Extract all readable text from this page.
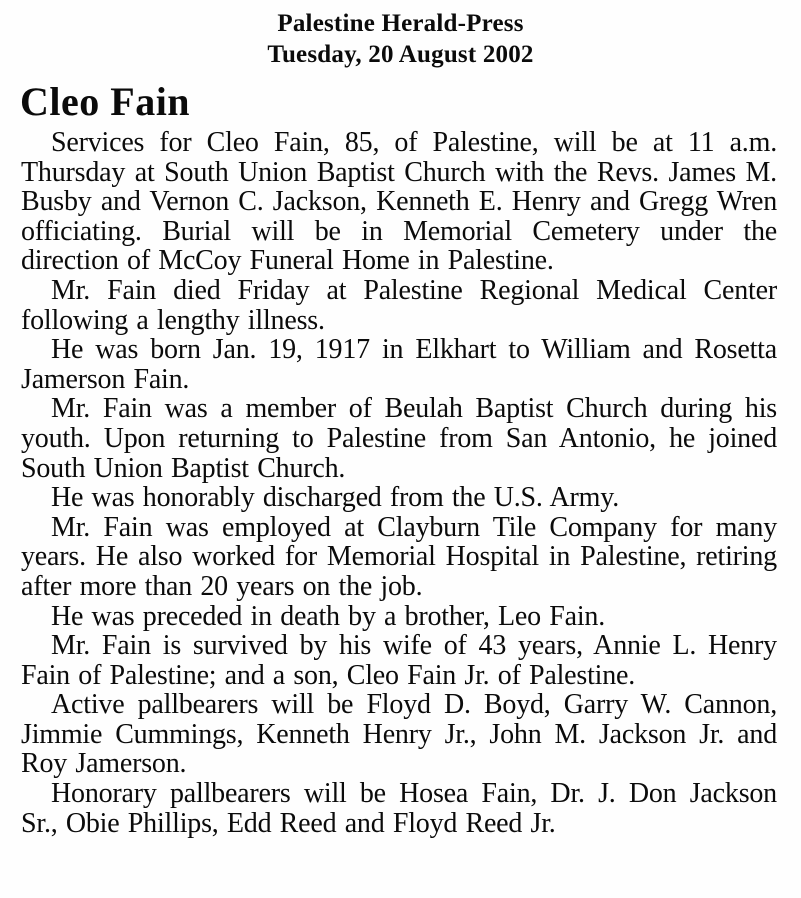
Palestine Herald-Press
Tuesday, 20 August 2002
Cleo Fain

Services for Cleo Fain, 85, of Palestine, will be at 11 a.m. Thursday at South Union Baptist Church with the Revs. James M. Busby and Vernon C. Jackson, Kenneth E. Henry and Gregg Wren officiating. Burial will be in Memorial Cemetery under the direction of McCoy Funeral Home in Palestine.

Mr. Fain died Friday at Palestine Regional Medical Center following a lengthy illness.

He was born Jan. 19, 1917 in Elkhart to William and Rosetta Jamerson Fain.

Mr. Fain was a member of Beulah Baptist Church during his youth. Upon returning to Palestine from San Antonio, he joined South Union Baptist Church.

He was honorably discharged from the U.S. Army.

Mr. Fain was employed at Clayburn Tile Company for many years. He also worked for Memorial Hospital in Palestine, retiring after more than 20 years on the job.

He was preceded in death by a brother, Leo Fain.

Mr. Fain is survived by his wife of 43 years, Annie L. Henry Fain of Palestine; and a son, Cleo Fain Jr. of Palestine.

Active pallbearers will be Floyd D. Boyd, Garry W. Cannon, Jimmie Cummings, Kenneth Henry Jr., John M. Jackson Jr. and Roy Jamerson.

Honorary pallbearers will be Hosea Fain, Dr. J. Don Jackson Sr., Obie Phillips, Edd Reed and Floyd Reed Jr.
